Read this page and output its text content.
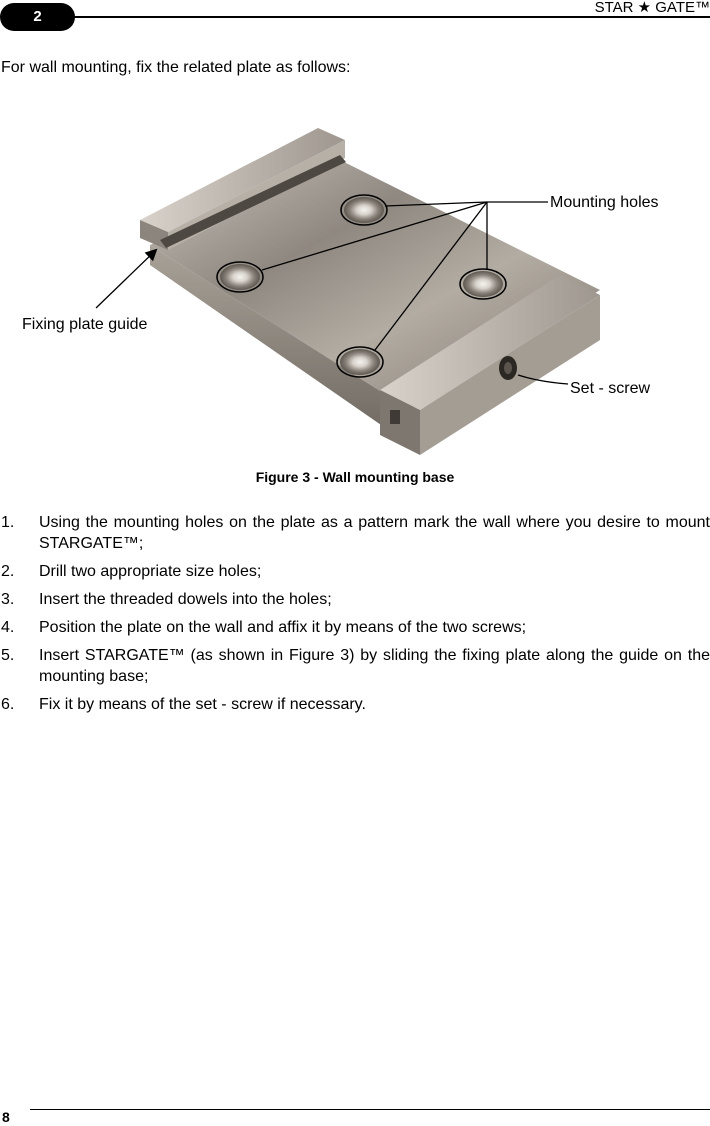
2
STAR ★ GATE™
For wall mounting, fix the related plate as follows:
Mounting holes
Fixing plate guide
Set - screw
Figure 3 - Wall mounting base
1. Using the mounting holes on the plate as a pattern mark the wall where you desire to mount STARGATE™;
2. Drill two appropriate size holes;
3. Insert the threaded dowels into the holes;
4. Position the plate on the wall and affix it by means of the two screws;
5. Insert STARGATE™ (as shown in Figure 3) by sliding the fixing plate along the guide on the mounting base;
6. Fix it by means of the set - screw if necessary.
8
